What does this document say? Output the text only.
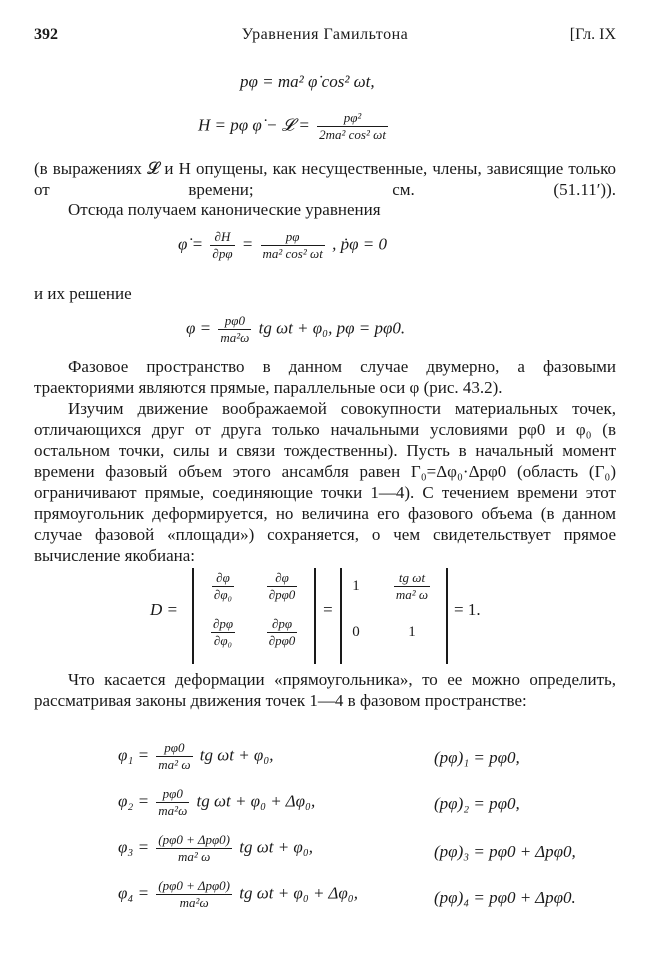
392	Уравнения Гамильтона	[Гл. IX
pφ = ma² φ̇ cos² ωt,
H = pφ φ̇ − 𝓛 = $\frac{\text{pφ²}}{\text{2ma² cos² ωt}}$
(в выражениях 𝓛 и H опущены, как несущественные, члены, зависящие только от времени; см. (51.11′)).
Отсюда получаем канонические уравнения
φ̇ = $\frac{\partial H}{\partial p\varphi} = \frac{p\varphi}{\text{ma² cos² ωt}}$ , ṗφ = 0
и их решение
$\varphi = \frac{p\varphi 0}{\text{ma²ω}}$ tg ωt + φ₀, pφ = pφ0.
Фазовое пространство в данном случае двумерно, а фазовыми траекториями являются прямые, параллельные оси φ (рис. 43.2).
Изучим движение воображаемой совокупности материальных точек, отличающихся друг от друга только начальными условиями pφ0 и φ₀ (в остальном точки, силы и связи тождественны). Пусть в начальный момент времени фазовый объем этого ансамбля равен Γ₀=Δφ₀·Δpφ0 (область (Γ₀) ограничивают прямые, соединяющие точки 1—4). С течением времени этот прямоугольник деформируется, но величина его фазового объема (в данном случае фазовой «площади») сохраняется, о чем свидетельствует прямое вычисление якобиана:
D =
$\frac{\partial\varphi}{\text{∂φ₀}}$	$\frac{\partial\varphi}{\partial p\varphi 0}$
$\frac{\partial p\varphi}{\text{∂φ₀}} \frac{\partial p\varphi}{\partial p\varphi 0}$
=
1	$\frac{\text{tg ωt}}{\text{ma² ω}}$
0	1
= 1.
Что касается деформации «прямоугольника», то ее можно определить, рассматривая законы движения точек 1—4 в фазовом пространстве:
$\varphi_1 = \frac{p\varphi 0}{\text{ma² ω}}$ tg ωt + φ₀,	(pφ)₁ = pφ0,
$\varphi_2 = \frac{p\varphi 0}{\text{ma²ω}}$ tg ωt + φ₀ + Δφ₀,	(pφ)₂ = pφ0,
$\varphi_3 = \frac{\text{(pφ0 + Δpφ0)}}{\text{ma² ω}}$ tg ωt + φ₀,	(pφ)₃ = pφ0 + Δpφ0,
$\varphi_4 = \frac{\text{(pφ0 + Δpφ0)}}{\text{ma²ω}}$ tg ωt + φ₀ + Δφ₀,	(pφ)₄ = pφ0 + Δpφ0.
